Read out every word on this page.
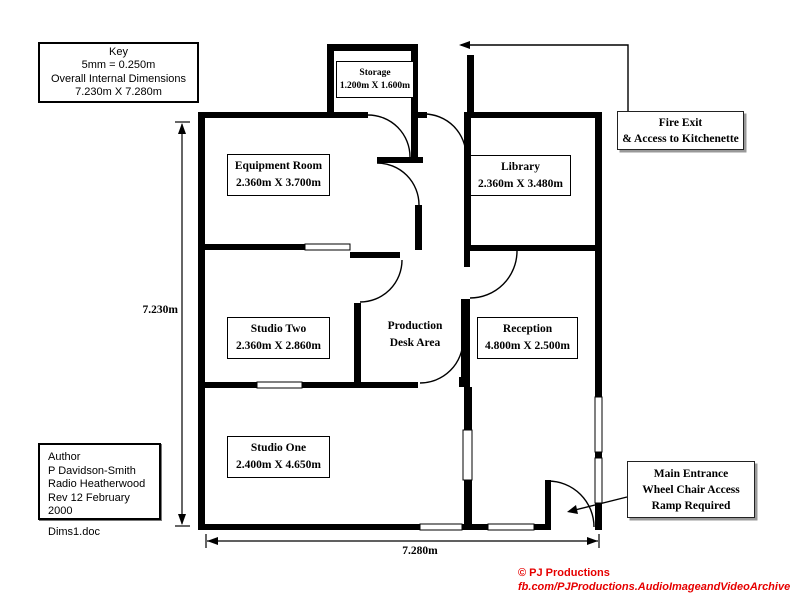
Key
5mm = 0.250m
Overall Internal Dimensions
7.230m X 7.280m
Storage
1.200m X 1.600m
Equipment Room
2.360m X 3.700m
Library
2.360m X 3.480m
Studio Two
2.360m X 2.860m
Reception
4.800m X 2.500m
Studio One
2.400m X 4.650m
Production
Desk Area
Fire Exit
& Access to Kitchenette
Main Entrance
Wheel Chair Access
Ramp Required
7.230m
7.280m
Author
P Davidson-Smith
Radio Heatherwood
Rev 12 February 2000
Dims1.doc
© PJ Productions
fb.com/PJProductions.AudioImageandVideoArchive
